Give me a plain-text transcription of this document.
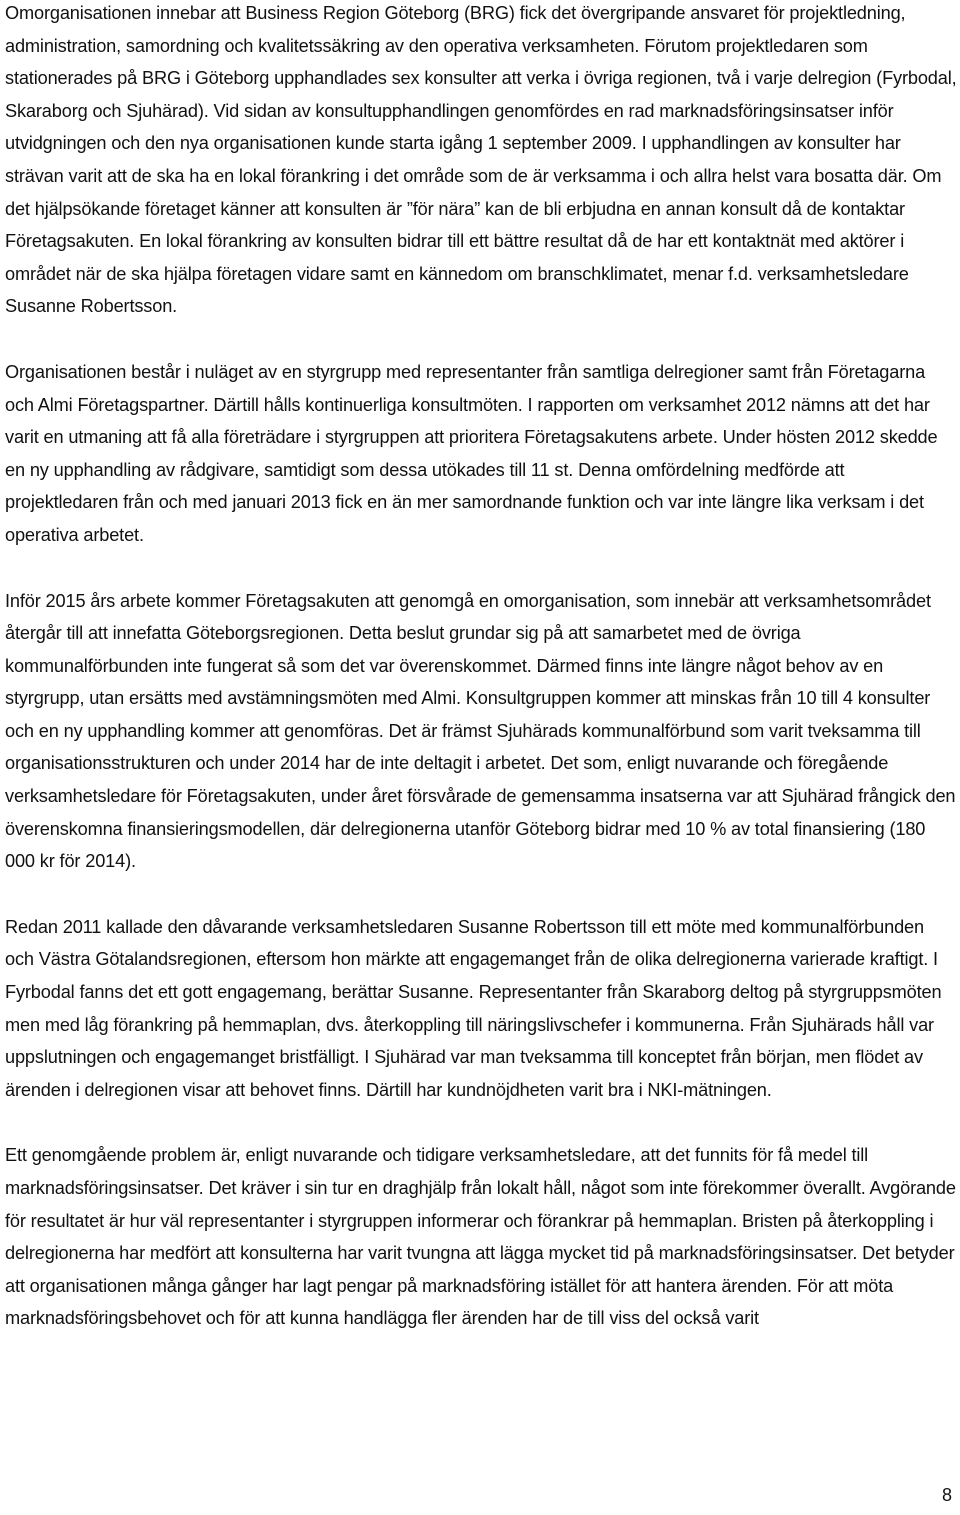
Omorganisationen innebar att Business Region Göteborg (BRG) fick det övergripande ansvaret för projektledning, administration, samordning och kvalitetssäkring av den operativa verksamheten. Förutom projektledaren som stationerades på BRG i Göteborg upphandlades sex konsulter att verka i övriga regionen, två i varje delregion (Fyrbodal, Skaraborg och Sjuhärad). Vid sidan av konsultupphandlingen genomfördes en rad marknadsföringsinsatser inför utvidgningen och den nya organisationen kunde starta igång 1 september 2009. I upphandlingen av konsulter har strävan varit att de ska ha en lokal förankring i det område som de är verksamma i och allra helst vara bosatta där. Om det hjälpsökande företaget känner att konsulten är ”för nära” kan de bli erbjudna en annan konsult då de kontaktar Företagsakuten. En lokal förankring av konsulten bidrar till ett bättre resultat då de har ett kontaktnät med aktörer i området när de ska hjälpa företagen vidare samt en kännedom om branschklimatet, menar f.d. verksamhetsledare Susanne Robertsson.

Organisationen består i nuläget av en styrgrupp med representanter från samtliga delregioner samt från Företagarna och Almi Företagspartner. Därtill hålls kontinuerliga konsultmöten. I rapporten om verksamhet 2012 nämns att det har varit en utmaning att få alla företrädare i styrgruppen att prioritera Företagsakutens arbete. Under hösten 2012 skedde en ny upphandling av rådgivare, samtidigt som dessa utökades till 11 st. Denna omfördelning medförde att projektledaren från och med januari 2013 fick en än mer samordnande funktion och var inte längre lika verksam i det operativa arbetet.

Inför 2015 års arbete kommer Företagsakuten att genomgå en omorganisation, som innebär att verksamhetsområdet återgår till att innefatta Göteborgsregionen. Detta beslut grundar sig på att samarbetet med de övriga kommunalförbunden inte fungerat så som det var överenskommet. Därmed finns inte längre något behov av en styrgrupp, utan ersätts med avstämningsmöten med Almi. Konsultgruppen kommer att minskas från 10 till 4 konsulter och en ny upphandling kommer att genomföras. Det är främst Sjuhärads kommunalförbund som varit tveksamma till organisationsstrukturen och under 2014 har de inte deltagit i arbetet. Det som, enligt nuvarande och föregående verksamhetsledare för Företagsakuten, under året försvårade de gemensamma insatserna var att Sjuhärad frångick den överenskomna finansieringsmodellen, där delregionerna utanför Göteborg bidrar med 10 % av total finansiering (180 000 kr för 2014).

Redan 2011 kallade den dåvarande verksamhetsledaren Susanne Robertsson till ett möte med kommunalförbunden och Västra Götalandsregionen, eftersom hon märkte att engagemanget från de olika delregionerna varierade kraftigt. I Fyrbodal fanns det ett gott engagemang, berättar Susanne. Representanter från Skaraborg deltog på styrgruppsmöten men med låg förankring på hemmaplan, dvs. återkoppling till näringslivschefer i kommunerna. Från Sjuhärads håll var uppslutningen och engagemanget bristfälligt. I Sjuhärad var man tveksamma till konceptet från början, men flödet av ärenden i delregionen visar att behovet finns. Därtill har kundnöjdheten varit bra i NKI-mätningen.

Ett genomgående problem är, enligt nuvarande och tidigare verksamhetsledare, att det funnits för få medel till marknadsföringsinsatser. Det kräver i sin tur en draghjälp från lokalt håll, något som inte förekommer överallt. Avgörande för resultatet är hur väl representanter i styrgruppen informerar och förankrar på hemmaplan. Bristen på återkoppling i delregionerna har medfört att konsulterna har varit tvungna att lägga mycket tid på marknadsföringsinsatser. Det betyder att organisationen många gånger har lagt pengar på marknadsföring istället för att hantera ärenden. För att möta marknadsföringsbehovet och för att kunna handlägga fler ärenden har de till viss del också varit

8
